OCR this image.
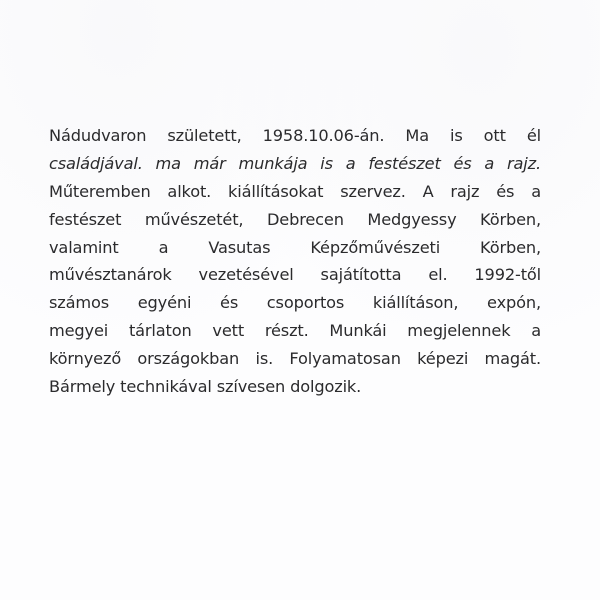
Nádudvaron született, 1958.10.06-án. Ma is ott él
családjával. ma már munkája is a festészet és a rajz.
Műteremben alkot. kiállításokat szervez. A rajz és a
festészet művészetét, Debrecen Medgyessy Körben,
valamint a Vasutas Képzőművészeti Körben,
művésztanárok vezetésével sajátította el. 1992-től
számos egyéni és csoportos kiállításon, expón,
megyei tárlaton vett részt. Munkái megjelennek a
környező országokban is. Folyamatosan képezi magát.
Bármely technikával szívesen dolgozik.
